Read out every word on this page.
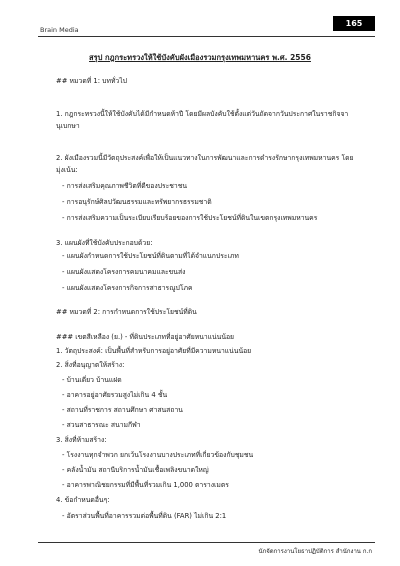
Brain Media
165
สรุป กฎกระทรวงให้ใช้บังคับผังเมืองรวมกรุงเทพมหานคร พ.ศ. 2556
## หมวดที่ 1: บททั่วไป
1. กฎกระทรวงนี้ให้ใช้บังคับได้มีกำหนดห้าปี โดยมีผลบังคับใช้ตั้งแต่วันถัดจากวันประกาศในราชกิจจา
นุเบกษา
2. ผังเมืองรวมนี้มีวัตถุประสงค์เพื่อให้เป็นแนวทางในการพัฒนาและการดำรงรักษากรุงเทพมหานคร โดย
มุ่งเน้น:
- การส่งเสริมคุณภาพชีวิตที่ดีของประชาชน
- การอนุรักษ์ศิลปวัฒนธรรมและทรัพยากรธรรมชาติ
- การส่งเสริมความเป็นระเบียบเรียบร้อยของการใช้ประโยชน์ที่ดินในเขตกรุงเทพมหานคร
3. แผนผังที่ใช้บังคับประกอบด้วย:
- แผนผังกำหนดการใช้ประโยชน์ที่ดินตามที่ได้จำแนกประเภท
- แผนผังแสดงโครงการคมนาคมและขนส่ง
- แผนผังแสดงโครงการกิจการสาธารณูปโภค
## หมวดที่ 2: การกำหนดการใช้ประโยชน์ที่ดิน
### เขตสีเหลือง (ย.) - ที่ดินประเภทที่อยู่อาศัยหนาแน่นน้อย
1. วัตถุประสงค์: เป็นพื้นที่สำหรับการอยู่อาศัยที่มีความหนาแน่นน้อย
2. สิ่งที่อนุญาตให้สร้าง:
- บ้านเดี่ยว บ้านแฝด
- อาคารอยู่อาศัยรวมสูงไม่เกิน 4 ชั้น
- สถานที่ราชการ สถานศึกษา ศาสนสถาน
- สวนสาธารณะ สนามกีฬา
3. สิ่งที่ห้ามสร้าง:
- โรงงานทุกจำพวก ยกเว้นโรงงานบางประเภทที่เกี่ยวข้องกับชุมชน
- คลังน้ำมัน สถานีบริการน้ำมันเชื้อเพลิงขนาดใหญ่
- อาคารพาณิชยกรรมที่มีพื้นที่รวมเกิน 1,000 ตารางเมตร
4. ข้อกำหนดอื่นๆ:
- อัตราส่วนพื้นที่อาคารรวมต่อพื้นที่ดิน (FAR) ไม่เกิน 2:1
นักจัดการงานโยธาปฏิบัติการ สำนักงาน ก.ก
